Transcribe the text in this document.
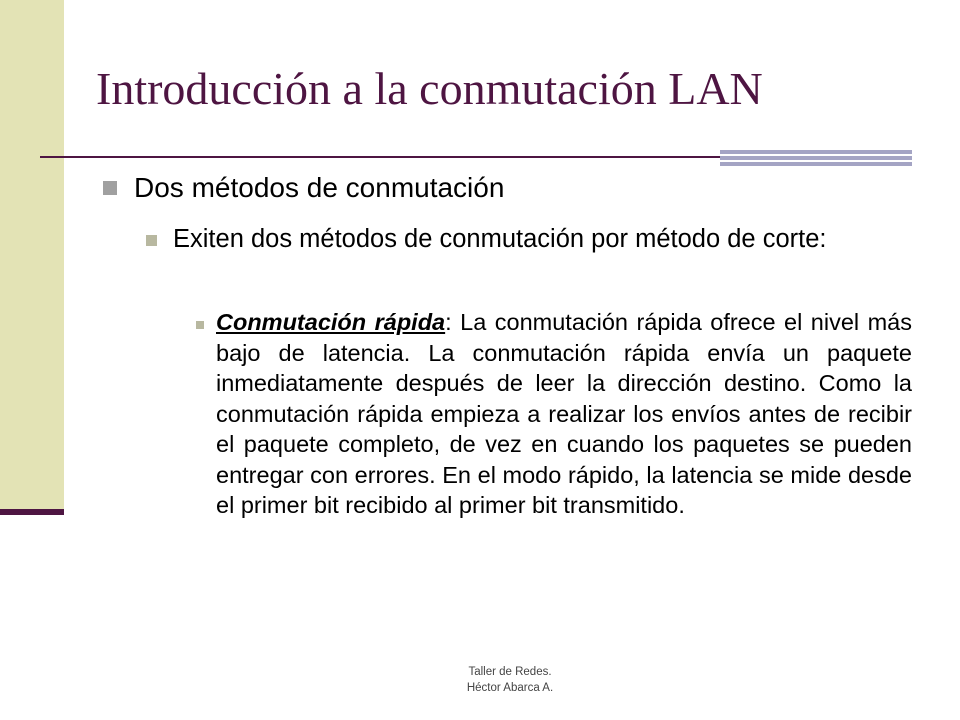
Introducción a la conmutación LAN
Dos métodos de conmutación
Exiten dos métodos de conmutación por método de corte:
Conmutación rápida: La conmutación rápida ofrece el nivel más bajo de latencia. La conmutación rápida envía un paquete inmediatamente después de leer la dirección destino. Como la conmutación rápida empieza a realizar los envíos antes de recibir el paquete completo, de vez en cuando los paquetes se pueden entregar con errores. En el modo rápido, la latencia se mide desde el primer bit recibido al primer bit transmitido.
Taller de Redes.
Héctor Abarca A.
